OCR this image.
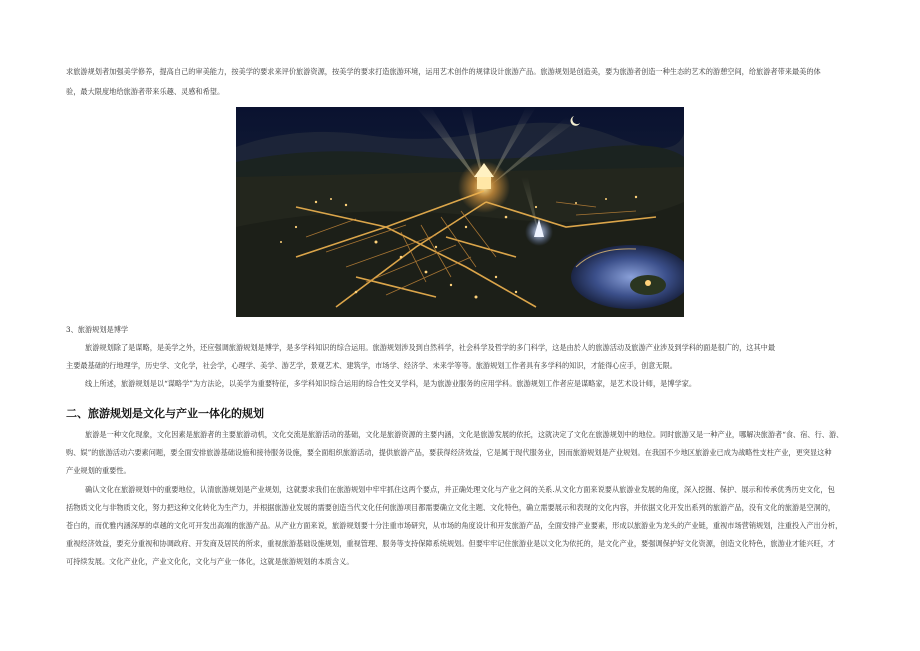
求旅游规划者加强美学修养，提高自己的审美能力，按美学的要求来评价旅游资源，按美学的要求打造旅游环境，运用艺术创作的规律设计旅游产品。旅游规划是创造美，要为旅游者创造一种生态的艺术的游憩空间，给旅游者带来最美的体
验，最大限度地给旅游者带来乐趣、灵感和希望。
3、旅游规划是博学
旅游规划除了是谋略，是美学之外，还应强调旅游规划是博学，是多学科知识的综合运用。旅游规划涉及到自然科学，社会科学及哲学的多门科学，这是由於人的旅游活动及旅游产业涉及到学科的面是很广的，这其中最
主要最基础的行地理学，历史学、文化学，社会学，心理学、美学、游艺学，景观艺术、建筑学，市场学、经济学、未来学等等。旅游规划工作者具有多学科的知识，才能得心应手，创意无限。
线上所述，旅游规划是以“谋略学”为方法论，以美学为重要特征，多学科知识综合运用的综合性交叉学科，是为旅游业服务的应用学科。旅游规划工作者应是谋略家，是艺术设计师，是博学家。
二、旅游规划是文化与产业一体化的规划
旅游是一种文化现象，文化因素是旅游者的主要旅游动机，文化交流是旅游活动的基础，文化是旅游资源的主要内涵，文化是旅游发展的依托，这就决定了文化在旅游规划中的地位。同时旅游又是一种产业，哪解决旅游者“食、宿、行、游、
购、娱”的旅游活动六要素问题，要全面安排旅游基础设施和接待服务设施，要全面组织旅游活动，提供旅游产品，要获得经济效益，它是属于现代服务业，因而旅游规划是产业规划。在我国不少地区旅游业已成为战略性支柱产业，更突显这种
产业规划的重要性。
确认文化在旅游规划中的重要地位，认清旅游规划是产业规划，这就要求我们在旅游规划中牢牢抓住这两个要点，并正确处理文化与产业之间的关系.从文化方面来说要从旅游业发展的角度，深入挖掘、保护、展示和传承优秀历史文化，包
括物质文化与非物质文化，努力把这种文化转化为生产力，并根据旅游业发展的需要创造当代文化任何旅游项目都需要确立文化主题、文化特色，确立需要展示和表现的文化内容，并依据文化开发出系列的旅游产品，没有文化的旅游是空洞的，
苍白的，而优雅内涵深厚的卓越的文化可开发出高端的旅游产品。从产业方面来说，旅游规划要十分注重市场研究，从市场的角度设计和开发旅游产品，全面安排产业要素，形成以旅游业为龙头的产业链，重视市场营销规划，注重投入产出分析，
重视经济效益，要充分重视和协调政府、开发商及居民的所求，重视旅游基础设施规划，重视管理、服务等支持保障系统规划。但要牢牢记住旅游业是以文化为依托的，是文化产业，要强调保护好文化资源，创造文化特色，旅游业才能兴旺，才
可持续发展。文化产业化，产业文化化，文化与产业一体化，这就是旅游规划的本质含义。
